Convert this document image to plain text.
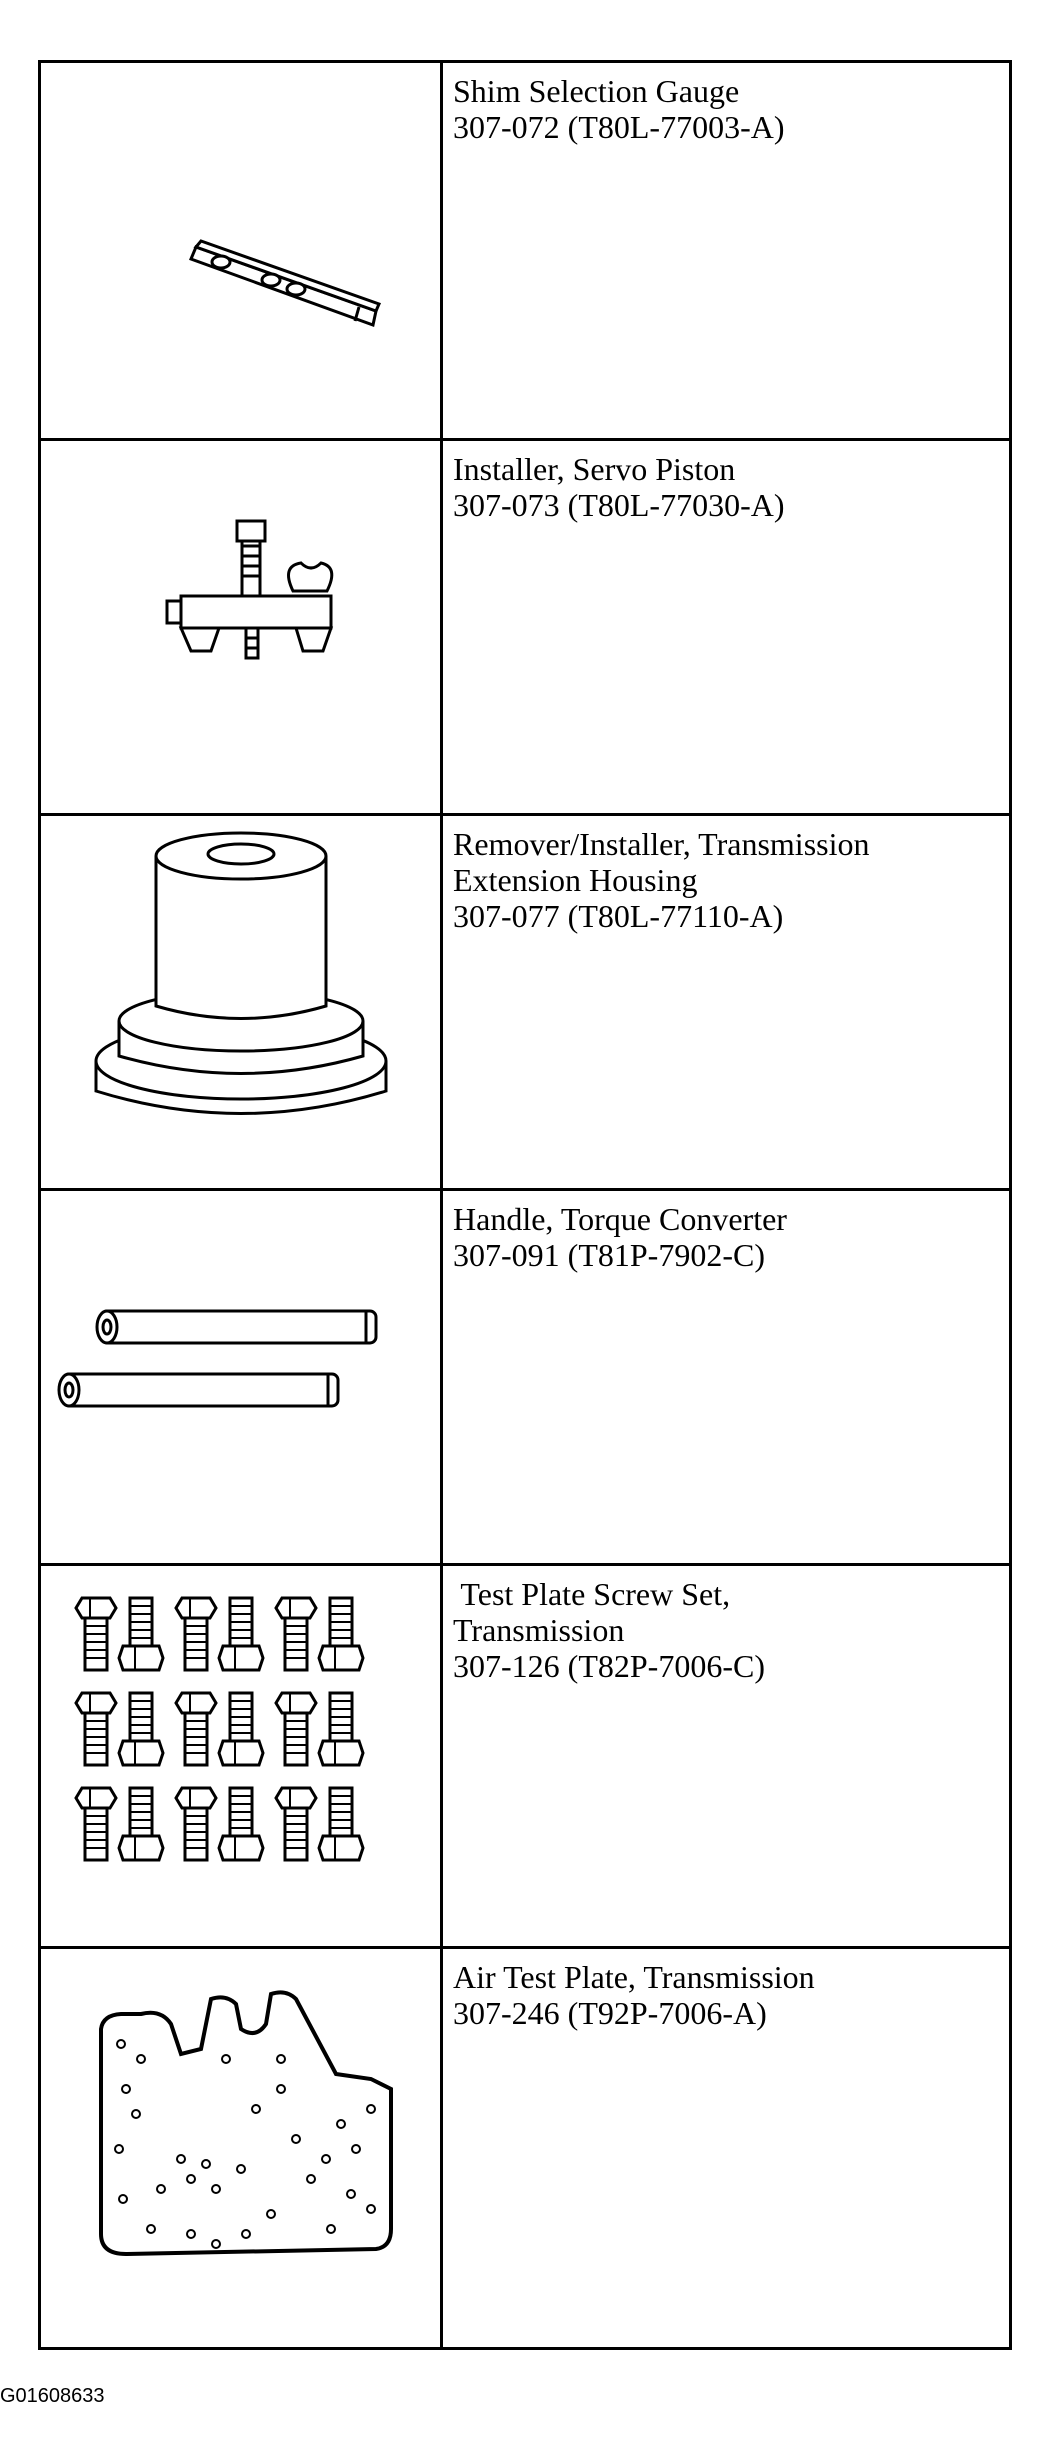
Shim Selection Gauge
307-072 (T80L-77003-A)
Installer, Servo Piston
307-073 (T80L-77030-A)
Remover/Installer, Transmission
Extension Housing
307-077 (T80L-77110-A)
Handle, Torque Converter
307-091 (T81P-7902-C)
Test Plate Screw Set,
Transmission
307-126 (T82P-7006-C)
Air Test Plate, Transmission
307-246 (T92P-7006-A)
G01608633
